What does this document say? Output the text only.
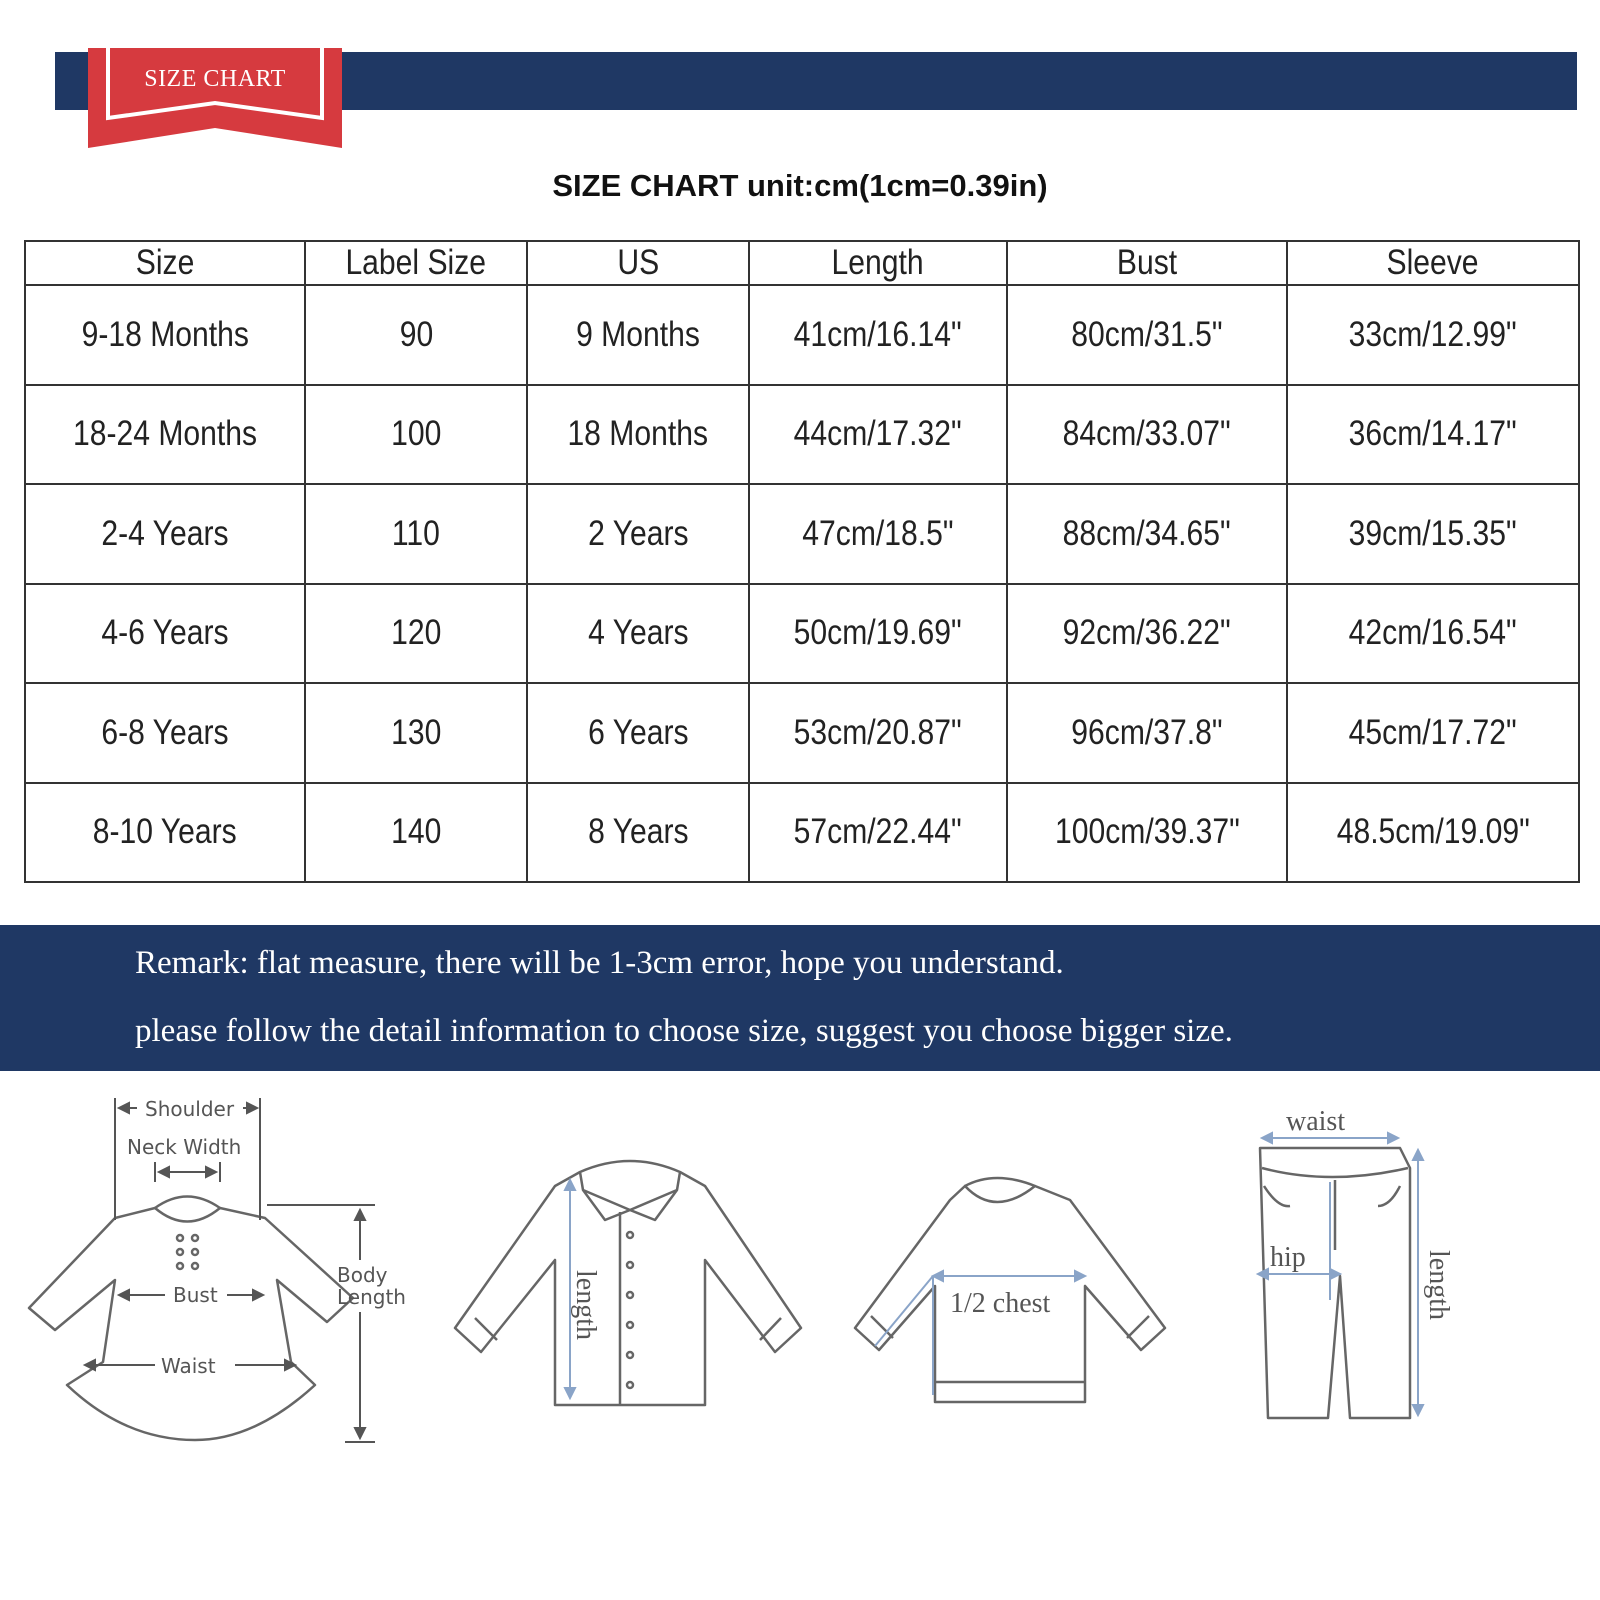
SIZE CHART
SIZE CHART unit:cm(1cm=0.39in)
Size	Label Size	US	Length	Bust	Sleeve
9-18 Months	90	9 Months	41cm/16.14"	80cm/31.5"	33cm/12.99"
18-24 Months	100	18 Months	44cm/17.32"	84cm/33.07"	36cm/14.17"
2-4 Years	110	2 Years	47cm/18.5"	88cm/34.65"	39cm/15.35"
4-6 Years	120	4 Years	50cm/19.69"	92cm/36.22"	42cm/16.54"
6-8 Years	130	6 Years	53cm/20.87"	96cm/37.8"	45cm/17.72"
8-10 Years	140	8 Years	57cm/22.44"	100cm/39.37"	48.5cm/19.09"
Remark: flat measure, there will be 1-3cm error, hope you understand.
please follow the detail information to choose size, suggest you choose bigger size.
Shoulder
Neck Width
Body
Length
Bust
Waist
length	1/2 chest
waist
hip	length
